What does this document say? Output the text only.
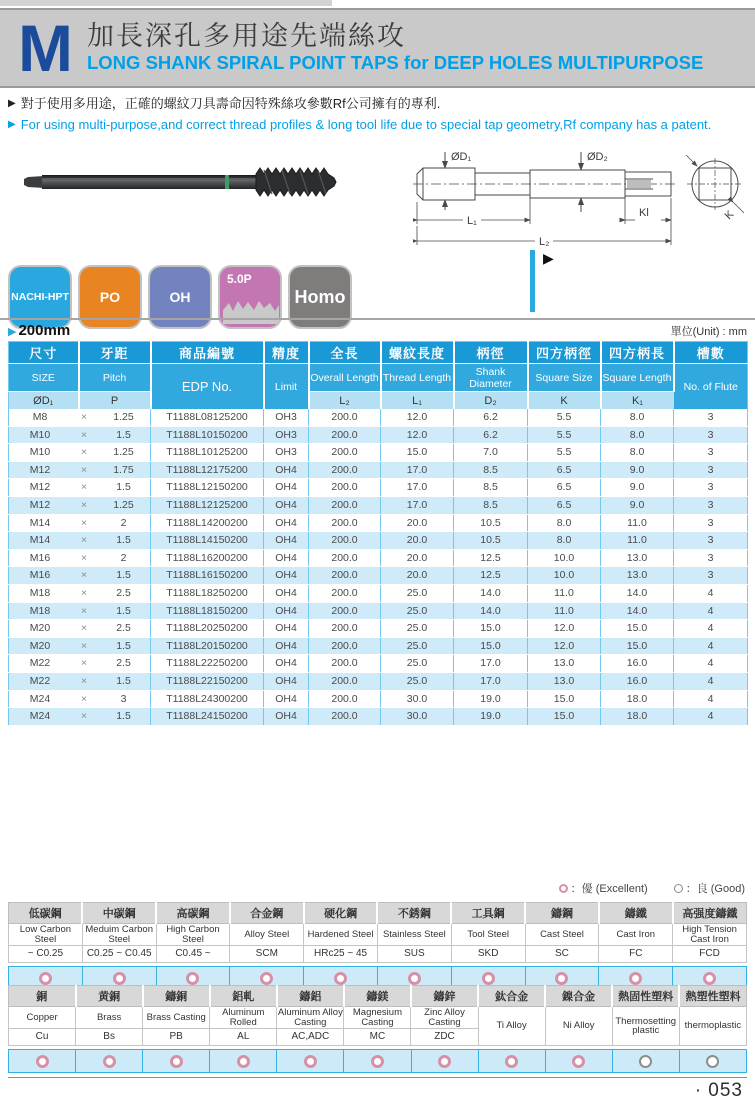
M 加長深孔多用途先端絲攻
LONG SHANK SPIRAL POINT TAPS for DEEP HOLES MULTIPURPOSE
▶ 對于使用多用途，正確的螺紋刀具壽命因特殊絲攻參數Rf公司擁有的專利.
▶ For using multi-purpose,and correct thread profiles & long tool life due to special tap geometry,Rf company has a patent.
ØD₁	ØD₂
L₁
Kl
L₂
K
NACHI-HPT PO	OH
5.0P
Homo
▶
▶ 200mm	單位(Unit) : mm
尺寸	牙距	商品編號	精度	全長	螺紋長度	柄徑	四方柄徑	四方柄長	槽數
SIZE	Pitch	EDP No.	Limit	Overall Length	Thread Length	Shank Diameter	Square Size	Square Length	No. of Flute
ØD₁	P			L₂	L₁	D₂	K	K₁	

M8 × 1.25		T1188L08125200	OH3	200.0	12.0	6.2	5.5	8.0	3

M10 × 1.5		T1188L10150200	OH3	200.0	12.0	6.2	5.5	8.0	3

M10 × 1.25		T1188L10125200	OH3	200.0	15.0	7.0	5.5	8.0	3

M12 × 1.75		T1188L12175200	OH4	200.0	17.0	8.5	6.5	9.0	3

M12 × 1.5		T1188L12150200	OH4	200.0	17.0	8.5	6.5	9.0	3

M12 × 1.25		T1188L12125200	OH4	200.0	17.0	8.5	6.5	9.0	3

M14 × 2		T1188L14200200	OH4	200.0	20.0	10.5	8.0	11.0	3

M14 × 1.5		T1188L14150200	OH4	200.0	20.0	10.5	8.0	11.0	3

M16 × 2		T1188L16200200	OH4	200.0	20.0	12.5	10.0	13.0	3

M16 × 1.5		T1188L16150200	OH4	200.0	20.0	12.5	10.0	13.0	3

M18 × 2.5		T1188L18250200	OH4	200.0	25.0	14.0	11.0	14.0	4

M18 × 1.5		T1188L18150200	OH4	200.0	25.0	14.0	11.0	14.0	4

M20 × 2.5		T1188L20250200	OH4	200.0	25.0	15.0	12.0	15.0	4

M20 × 1.5		T1188L20150200	OH4	200.0	25.0	15.0	12.0	15.0	4

M22 × 2.5		T1188L22250200	OH4	200.0	25.0	17.0	13.0	16.0	4

M22 × 1.5		T1188L22150200	OH4	200.0	25.0	17.0	13.0	16.0	4

M24 × 3		T1188L24300200	OH4	200.0	30.0	19.0	15.0	18.0	4

M24 × 1.5		T1188L24150200	OH4	200.0	30.0	19.0	15.0	18.0	4
：優 (Excellent)	：良 (Good)
低碳鋼	中碳鋼	高碳鋼	合金鋼	硬化鋼	不銹鋼	工具鋼	鑄鋼	鑄鐵	高强度鑄鐵
Low Carbon Steel	Meduim Carbon Steel	High Carbon Steel	Alloy Steel	Hardened Steel	Stainless Steel	Tool Steel	Cast Steel	Cast Iron	High Tension Cast Iron
~ C0.25	C0.25 ~ C0.45	C0.45 ~	SCM	HRc25 ~ 45	SUS	SKD	SC	FC	FCD
銅	黄銅	鑄銅	鋁軋	鑄鋁	鑄鎂	鑄鋅	鈦合金	鎳合金	熱固性塑料	熱塑性塑料
Copper	Brass	Brass Casting	Aluminum Rolled	Aluminum Alloy Casting	Magnesium Casting	Zinc Alloy Casting	Ti Alloy	Ni Alloy	Thermosetting plastic	thermoplastic
Cu	Bs	PB	AL	AC,ADC	MC	ZDC				
· 053
